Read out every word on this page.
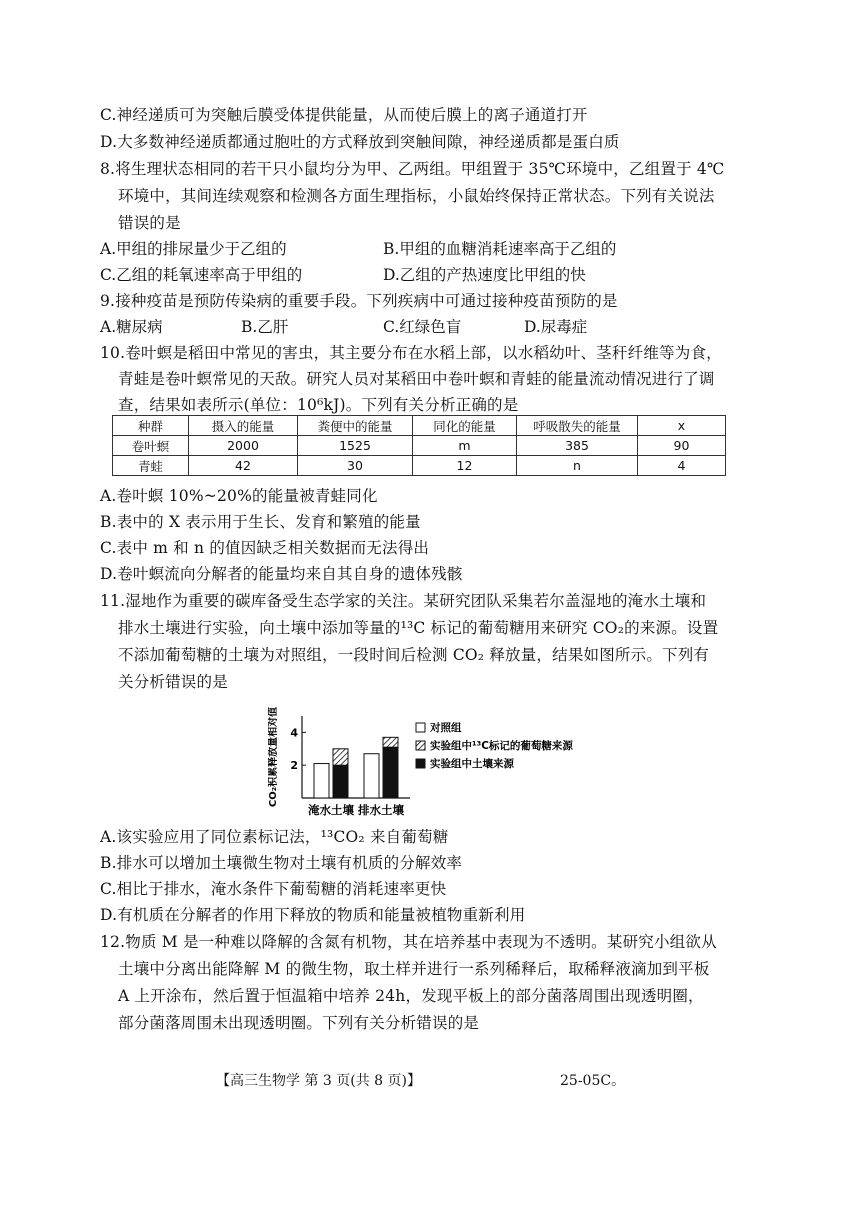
C.神经递质可为突触后膜受体提供能量，从而使后膜上的离子通道打开
D.大多数神经递质都通过胞吐的方式释放到突触间隙，神经递质都是蛋白质
8.将生理状态相同的若干只小鼠均分为甲、乙两组。甲组置于 35℃环境中，乙组置于 4℃
环境中，其间连续观察和检测各方面生理指标，小鼠始终保持正常状态。下列有关说法
错误的是
A.甲组的排尿量少于乙组的	B.甲组的血糖消耗速率高于乙组的
C.乙组的耗氧速率高于甲组的	D.乙组的产热速度比甲组的快
9.接种疫苗是预防传染病的重要手段。下列疾病中可通过接种疫苗预防的是
A.糖尿病	B.乙肝	C.红绿色盲	D.尿毒症
10.卷叶螟是稻田中常见的害虫，其主要分布在水稻上部，以水稻幼叶、茎秆纤维等为食，
青蛙是卷叶螟常见的天敌。研究人员对某稻田中卷叶螟和青蛙的能量流动情况进行了调
查，结果如表所示(单位：10⁶kJ)。下列有关分析正确的是
种群	摄入的能量	粪便中的能量	同化的能量	呼吸散失的能量	x
卷叶螟	2000	1525	m	385	90
青蛙	42	30	12	n	4
A.卷叶螟 10%~20%的能量被青蛙同化
B.表中的 X 表示用于生长、发育和繁殖的能量
C.表中 m 和 n 的值因缺乏相关数据而无法得出
D.卷叶螟流向分解者的能量均来自其自身的遗体残骸
11.湿地作为重要的碳库备受生态学家的关注。某研究团队采集若尔盖湿地的淹水土壤和
排水土壤进行实验，向土壤中添加等量的¹³C 标记的葡萄糖用来研究 CO₂的来源。设置
不添加葡萄糖的土壤为对照组，一段时间后检测 CO₂ 释放量，结果如图所示。下列有
关分析错误的是
CO₂积累释放量相对值 2
4
淹水土壤 排水土壤
对照组
实验组中¹³C标记的葡萄糖来源
实验组中土壤来源
A.该实验应用了同位素标记法，¹³CO₂ 来自葡萄糖
B.排水可以增加土壤微生物对土壤有机质的分解效率
C.相比于排水，淹水条件下葡萄糖的消耗速率更快
D.有机质在分解者的作用下释放的物质和能量被植物重新利用
12.物质 M 是一种难以降解的含氮有机物，其在培养基中表现为不透明。某研究小组欲从
土壤中分离出能降解 M 的微生物，取土样并进行一系列稀释后，取稀释液滴加到平板
A 上开涂布，然后置于恒温箱中培养 24h，发现平板上的部分菌落周围出现透明圈，
部分菌落周围未出现透明圈。下列有关分析错误的是
【高三生物学 第 3 页(共 8 页)】	25-05C。
